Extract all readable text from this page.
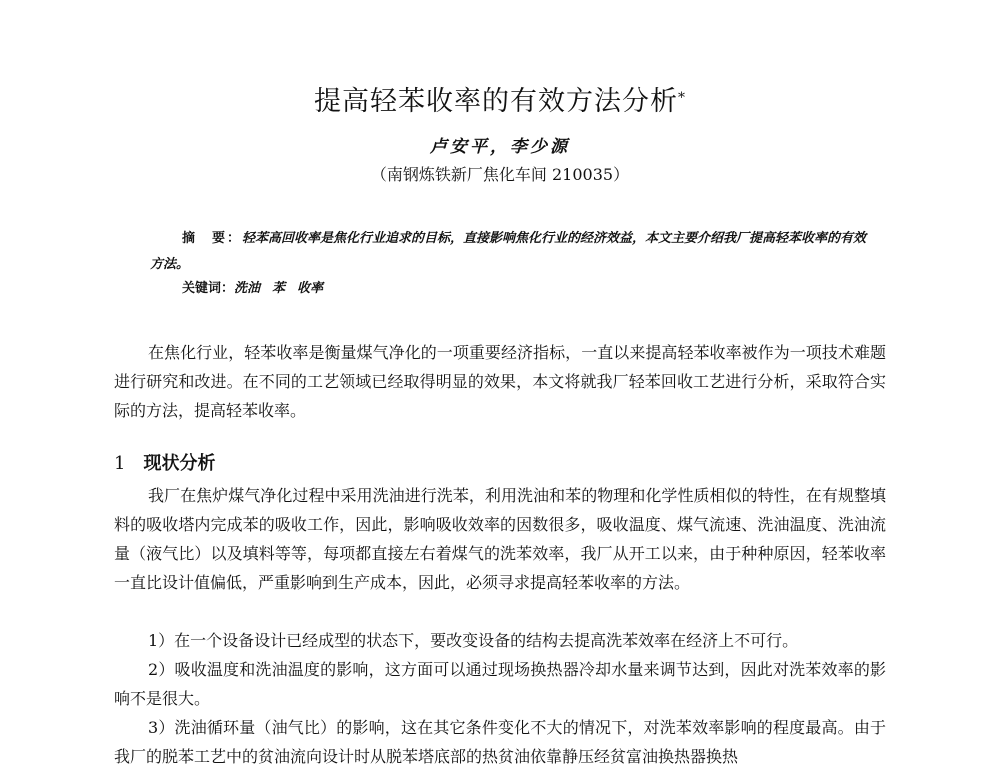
提高轻苯收率的有效方法分析*
卢安平，李少源
（南钢炼铁新厂焦化车间 210035）

摘　要：轻苯高回收率是焦化行业追求的目标，直接影响焦化行业的经济效益，本文主要介绍我厂提高轻苯收率的有效方法。

关键词：洗油 苯 收率

在焦化行业，轻苯收率是衡量煤气净化的一项重要经济指标，一直以来提高轻苯收率被作为一项技术难题进行研究和改进。在不同的工艺领域已经取得明显的效果，本文将就我厂轻苯回收工艺进行分析，采取符合实际的方法，提高轻苯收率。

1 现状分析

我厂在焦炉煤气净化过程中采用洗油进行洗苯，利用洗油和苯的物理和化学性质相似的特性，在有规整填料的吸收塔内完成苯的吸收工作，因此，影响吸收效率的因数很多，吸收温度、煤气流速、洗油温度、洗油流量（液气比）以及填料等等，每项都直接左右着煤气的洗苯效率，我厂从开工以来，由于种种原因，轻苯收率一直比设计值偏低，严重影响到生产成本，因此，必须寻求提高轻苯收率的方法。

1）在一个设备设计已经成型的状态下，要改变设备的结构去提高洗苯效率在经济上不可行。

2）吸收温度和洗油温度的影响，这方面可以通过现场换热器冷却水量来调节达到，因此对洗苯效率的影响不是很大。

3）洗油循环量（油气比）的影响，这在其它条件变化不大的情况下，对洗苯效率影响的程度最高。由于我厂的脱苯工艺中的贫油流向设计时从脱苯塔底部的热贫油依靠静压经贫富油换热器换热
